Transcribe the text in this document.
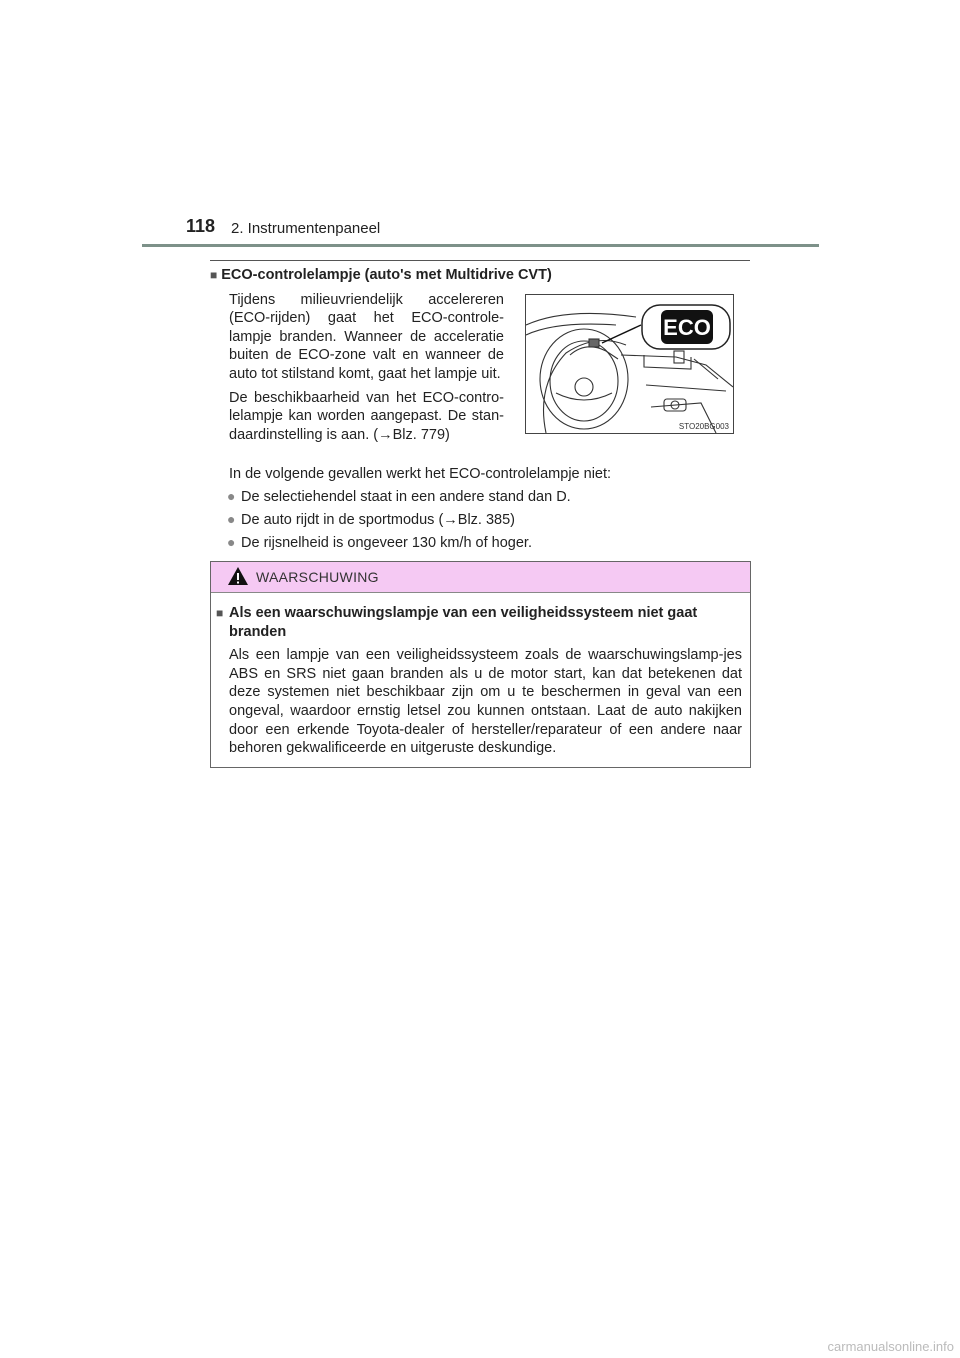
118 2. Instrumentenpaneel
■ ECO-controlelampje (auto's met Multidrive CVT)

Tijdens milieuvriendelijk accelereren (ECO-rijden) gaat het ECO-controle-lampje branden. Wanneer de acceleratie buiten de ECO-zone valt en wanneer de auto tot stilstand komt, gaat het lampje uit.

De beschikbaarheid van het ECO-contro-lelampje kan worden aangepast. De stan-daardinstelling is aan. (→Blz. 779)

ECO
STO20BG003

In de volgende gevallen werkt het ECO-controlelampje niet:

● De selectiehendel staat in een andere stand dan D.
● De auto rijdt in de sportmodus (→Blz. 385)
● De rijsnelheid is ongeveer 130 km/h of hoger.
WAARSCHUWING

■ Als een waarschuwingslampje van een veiligheidssysteem niet gaat branden

Als een lampje van een veiligheidssysteem zoals de waarschuwingslamp-jes ABS en SRS niet gaan branden als u de motor start, kan dat betekenen dat deze systemen niet beschikbaar zijn om u te beschermen in geval van een ongeval, waardoor ernstig letsel zou kunnen ontstaan. Laat de auto nakijken door een erkende Toyota-dealer of hersteller/reparateur of een andere naar behoren gekwalificeerde en uitgeruste deskundige.

carmanualsonline.info
